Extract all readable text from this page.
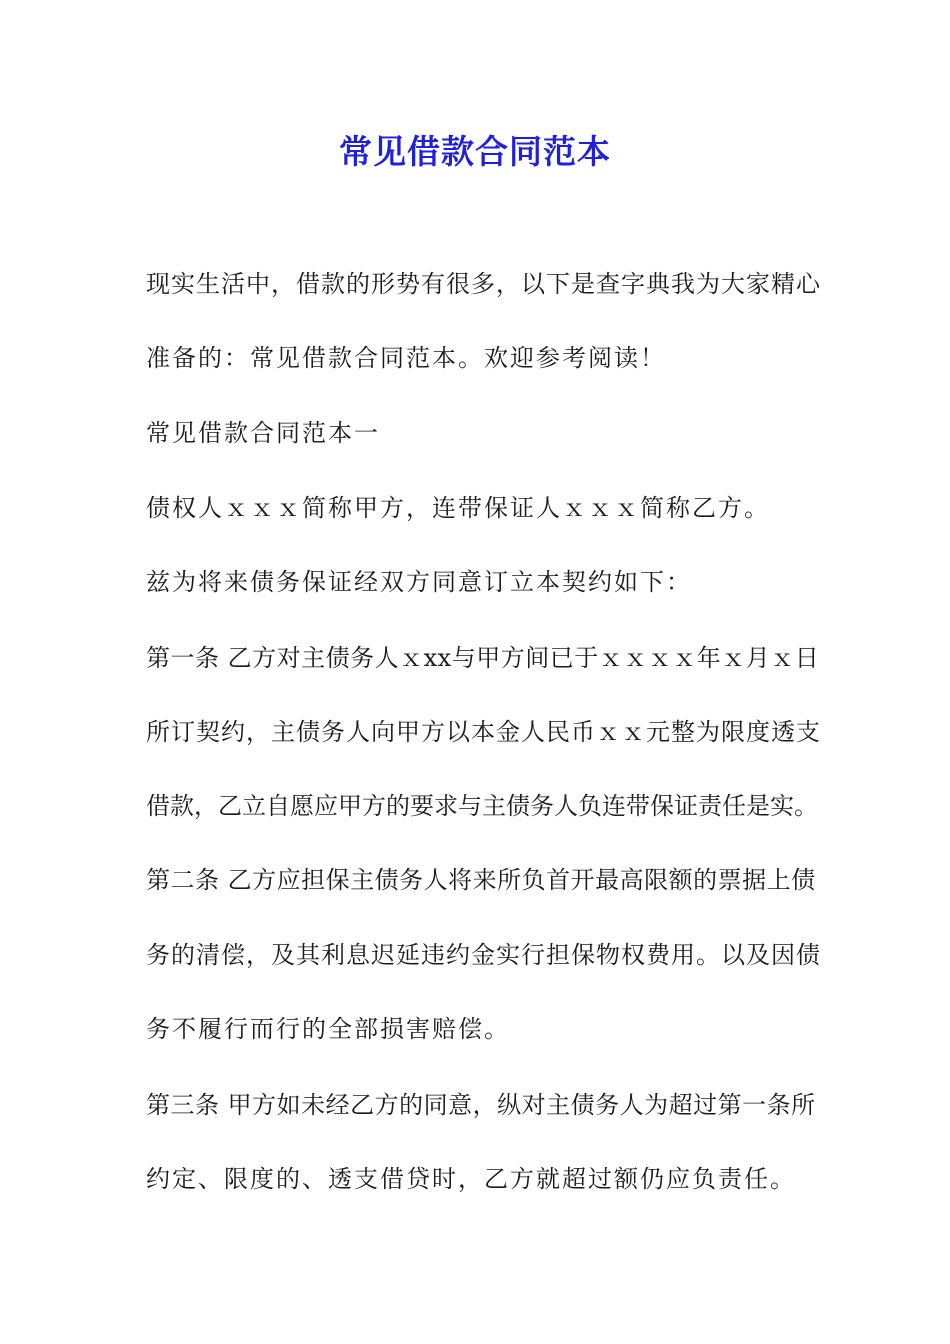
常见借款合同范本
现实生活中，借款的形势有很多，以下是查字典我为大家精心
准备的：常见借款合同范本。欢迎参考阅读！
常见借款合同范本一
债权人ｘｘｘ简称甲方，连带保证人ｘｘｘ简称乙方。
兹为将来债务保证经双方同意订立本契约如下：
第一条 乙方对主债务人ｘxx与甲方间已于ｘｘｘｘ年ｘ月ｘ日
所订契约，主债务人向甲方以本金人民币ｘｘ元整为限度透支
借款，乙立自愿应甲方的要求与主债务人负连带保证责任是实。
第二条 乙方应担保主债务人将来所负首开最高限额的票据上债
务的清偿，及其利息迟延违约金实行担保物权费用。以及因债
务不履行而行的全部损害赔偿。
第三条 甲方如未经乙方的同意，纵对主债务人为超过第一条所
约定、限度的、透支借贷时，乙方就超过额仍应负责任。
